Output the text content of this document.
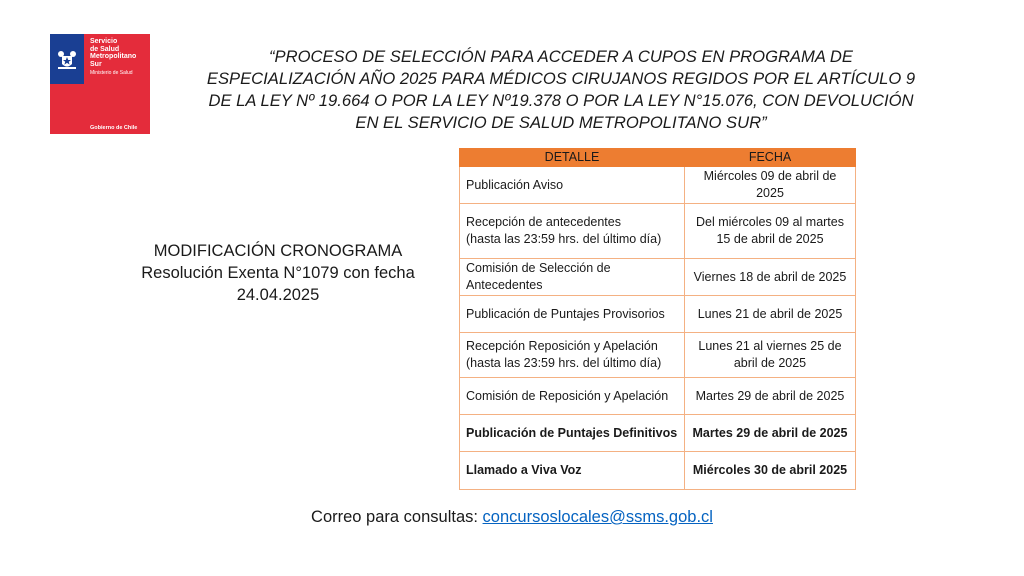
Servicio
de Salud
Metropolitano
Sur
Ministerio de Salud
Gobierno de Chile
“PROCESO DE SELECCIÓN PARA ACCEDER A CUPOS EN PROGRAMA DE ESPECIALIZACIÓN AÑO 2025 PARA MÉDICOS CIRUJANOS REGIDOS POR EL ARTÍCULO 9 DE LA LEY Nº 19.664 O POR LA LEY Nº19.378 O POR LA LEY N°15.076, CON DEVOLUCIÓN EN EL SERVICIO DE SALUD METROPOLITANO SUR”
MODIFICACIÓN CRONOGRAMA
Resolución Exenta N°1079 con fecha
24.04.2025
DETALLE	FECHA
Publicación Aviso	Miércoles 09 de abril de 2025
Recepción de antecedentes
(hasta las 23:59 hrs. del último día)	Del miércoles 09 al martes 15 de abril de 2025
Comisión de Selección de Antecedentes	Viernes 18 de abril de 2025
Publicación de Puntajes Provisorios	Lunes 21 de abril de 2025
Recepción Reposición y Apelación
(hasta las 23:59 hrs. del último día)	Lunes 21 al viernes 25 de abril de 2025
Comisión de Reposición y Apelación	Martes 29 de abril de 2025
Publicación de Puntajes Definitivos	Martes 29 de abril de 2025
Llamado a Viva Voz	Miércoles 30 de abril 2025
Correo para consultas: concursoslocales@ssms.gob.cl
